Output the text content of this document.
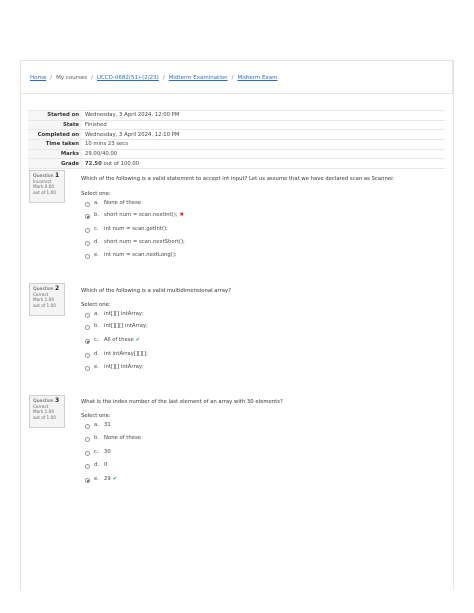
Home / My courses / UCCD-0682(51)-(2/23) / Midterm Examination / Midterm Exam
Started on	Wednesday, 3 April 2024, 12:00 PM
State	Finished
Completed on	Wednesday, 3 April 2024, 12:10 PM
Time taken	10 mins 23 secs
Marks	29.00/40.00
Grade	72.50 out of 100.00
Question 1
Incorrect
Mark 0.00 out of 1.00
Which of the following is a valid statement to accept int input? Let us assume that we have declared scan as Scanner.
Select one:
a. None of these
b. short num = scan.nextInt(); ✖
c. int num = scan.getInt();
d. short num = scan.nextShort();
e. int num = scan.nextLong();
Question 2
Correct
Mark 1.00 out of 1.00
Which of the following is a valid multidimensional array?
Select one:
a. int[][] intArray;
b. int[][][] intArray;
c. All of these ✔
d. int intArray[][][];
e. int[][] intArray;
Question 3
Correct
Mark 1.00 out of 1.00
What is the index number of the last element of an array with 30 elements?
Select one:
a. 31
b. None of these
c. 30
d. 0
e. 29 ✔
